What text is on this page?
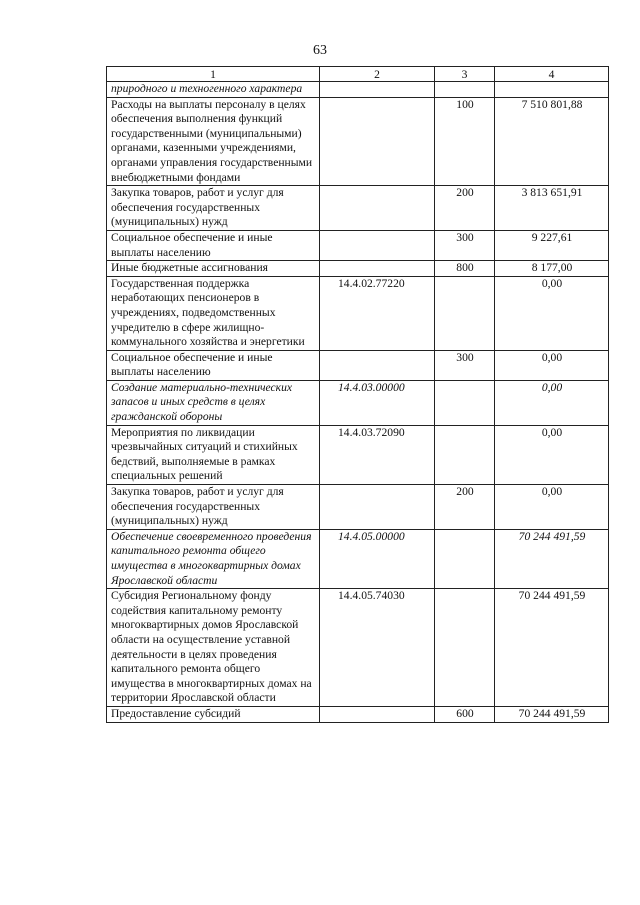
63
1	2	3	4
природного и техногенного характера			
Расходы на выплаты персоналу в целях обеспечения выполнения функций государственными (муниципальными) органами, казенными учреждениями, органами управления государственными внебюджетными фондами		100	7 510 801,88
Закупка товаров, работ и услуг для обеспечения государственных (муниципальных) нужд		200	3 813 651,91
Социальное обеспечение и иные выплаты населению		300	9 227,61
Иные бюджетные ассигнования		800	8 177,00
Государственная поддержка неработающих пенсионеров в учреждениях, подведомственных учредителю в сфере жилищно-коммунального хозяйства и энергетики	14.4.02.77220		0,00
Социальное обеспечение и иные выплаты населению		300	0,00
Создание материально-технических запасов и иных средств в целях гражданской обороны	14.4.03.00000		0,00
Мероприятия по ликвидации чрезвычайных ситуаций и стихийных бедствий, выполняемые в рамках специальных решений	14.4.03.72090		0,00
Закупка товаров, работ и услуг для обеспечения государственных (муниципальных) нужд		200	0,00
Обеспечение своевременного проведения капитального ремонта общего имущества в многоквартирных домах Ярославской области	14.4.05.00000		70 244 491,59
Субсидия Региональному фонду содействия капитальному ремонту многоквартирных домов Ярославской области на осуществление уставной деятельности в целях проведения капитального ремонта общего имущества в многоквартирных домах на территории Ярославской области	14.4.05.74030		70 244 491,59
Предоставление субсидий		600	70 244 491,59
